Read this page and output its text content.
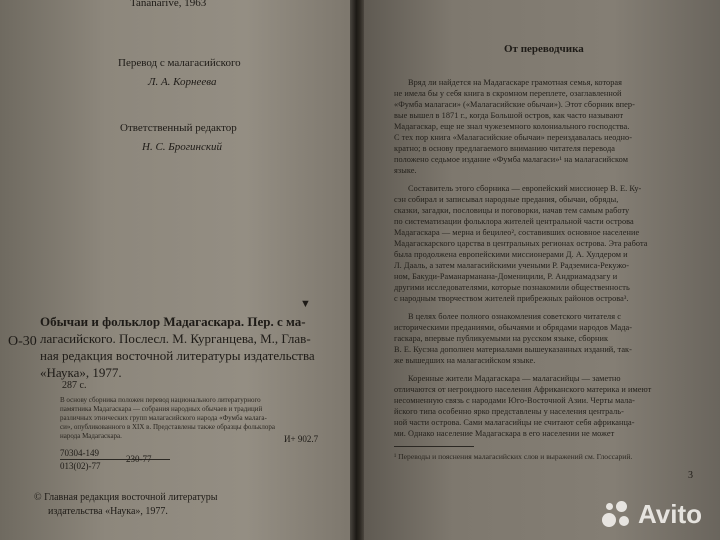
Tananarive, 1963
Перевод с малагасийского
Л. А. Корнеева
Ответственный редактор
Н. С. Брогинский
▼
О-30
Обычаи и фольклор Мадагаскара. Пер. с ма-
лагасийского. Послесл. М. Курганцева, М., Глав-
ная редакция восточной литературы издательства
«Наука», 1977.
287 с.
В основу сборника положен перевод национального литературного
памятника Мадагаскара — собрания народных обычаев и традиций
различных этнических групп малагасийского народа «Фумба малага-
си», опубликованного в XIX в. Представлены также образцы фольклора
народа Мадагаскара.	И+ 902.7
70304-149
013(02)-77
230-77
© Главная редакция восточной литературы
издательства «Наука», 1977.
От переводчика
Вряд ли найдется на Мадагаскаре грамотная семья, которая
не имела бы у себя книга в скромном переплете, озаглавленной
«Фумба малагаси» («Малагасийские обычаи»). Этот сборник впер-
вые вышел в 1871 г., когда Большой остров, как часто называют
Мадагаскар, еще не знал чужеземного колониального господства.
С тех пор книга «Малагасийские обычаи» переиздавалась неодно-
кратно; в основу предлагаемого вниманию читателя перевода
положено седьмое издание «Фумба малагаси»¹ на малагасийском
языке.
Составитель этого сборника — европейский миссионер В. Е. Ку-
сэн собирал и записывал народные предания, обычаи, обряды,
сказки, загадки, пословицы и поговорки, начав тем самым работу
по систематизации фольклора жителей центральной части острова
Мадагаскара — мерна и бецилео², составивших основное население
Мадагаскарского царства в центральных регионах острова. Эта работа
была продолжена европейскими миссионерами Д. А. Хулдером и
Л. Дааль, а затем малагасийскими учеными Р. Радземиса-Рекужо-
ном, Бакуди-Раманарманана-Доменицили, Р. Андриамадзагу и
другими исследователями, которые познакомили общественность
с народным творчеством жителей прибрежных районов острова³.
В целях более полного ознакомления советского читателя с
историческими преданиями, обычаями и обрядами народов Мада-
гаскара, впервые публикуемыми на русском языке, сборник
В. Е. Кусэна дополнен материалами вышеуказанных изданий, так-
же вышедших на малагасийском языке.
Коренные жители Мадагаскара — малагасийцы — заметно
отличаются от негроидного населения Африканского материка и имеют
несомненную связь с народами Юго-Восточной Азии. Черты мала-
йского типа особенно ярко представлены у населения централь-
ной части острова. Сами малагасийцы не считают себя африканца-
ми. Однако население Мадагаскара в его населении не может
¹ Переводы и пояснения малагасийских слов и выражений см. Глоссарий.
3
Avito
